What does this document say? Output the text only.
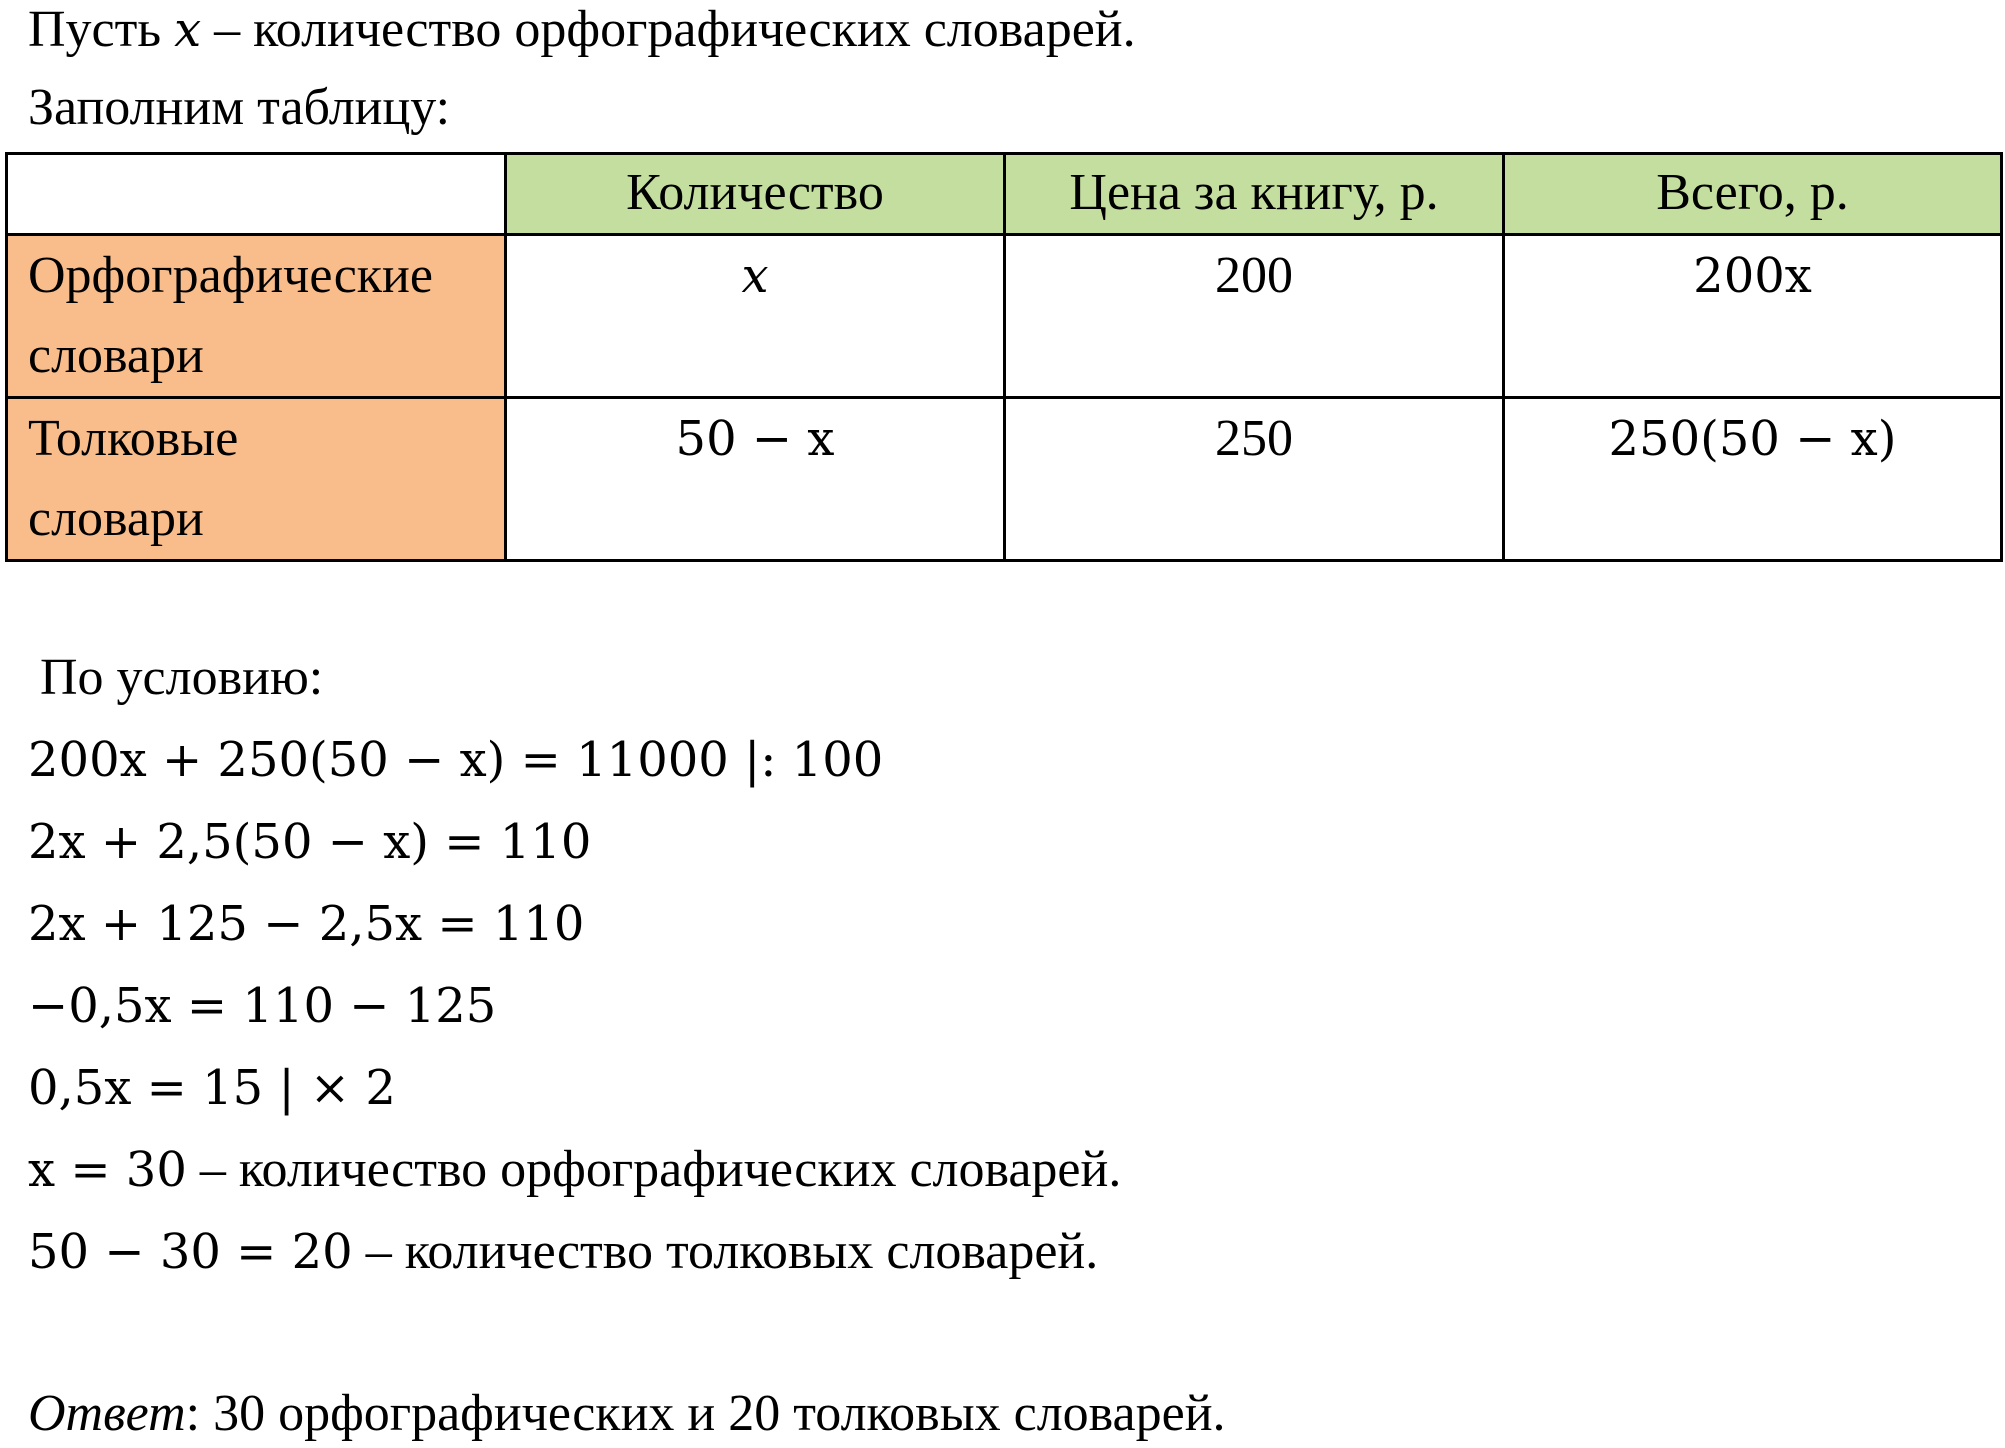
Пусть x – количество орфографических словарей.
Заполним таблицу:
	Количество	Цена за книгу, р.	Всего, р.

Орфографические
словари	x	200	200x

Толковые
словари	50 − x	250	250(50 − x)
По условию:
200x + 250(50 − x) = 11000 |: 100
2x + 2,5(50 − x) = 110
2x + 125 − 2,5x = 110
−0,5x = 110 − 125
0,5x = 15 | × 2
x = 30 – количество орфографических словарей.
50 − 30 = 20 – количество толковых словарей.
Ответ: 30 орфографических и 20 толковых словарей.
